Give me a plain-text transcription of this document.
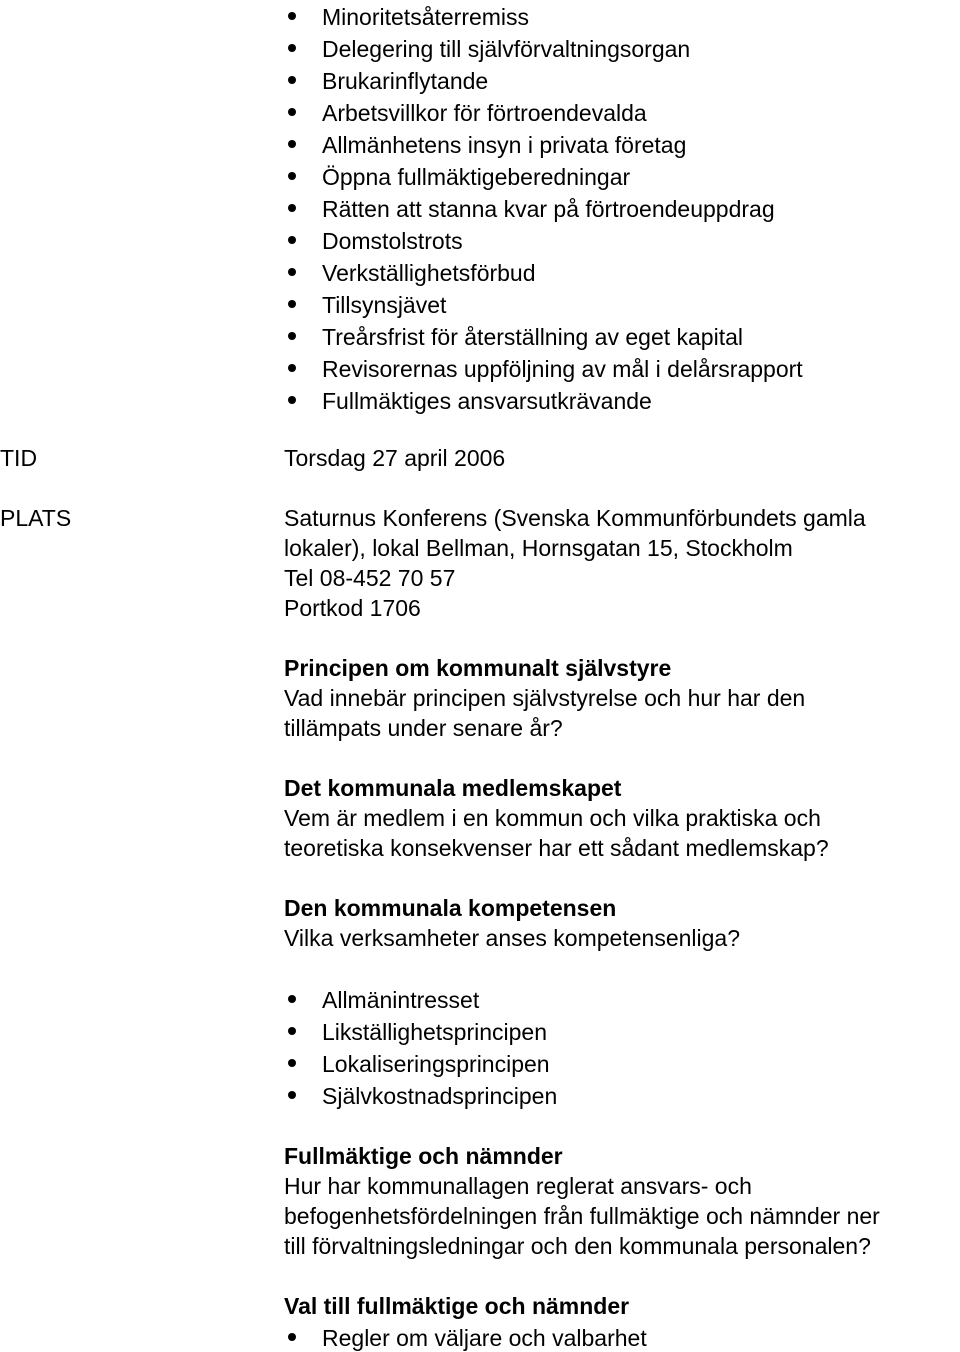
Minoritetsåterremiss
Delegering till självförvaltningsorgan
Brukarinflytande
Arbetsvillkor för förtroendevalda
Allmänhetens insyn i privata företag
Öppna fullmäktigeberedningar
Rätten att stanna kvar på förtroendeuppdrag
Domstolstrots
Verkställighetsförbud
Tillsynsjävet
Treårsfrist för återställning av eget kapital
Revisorernas uppföljning av mål i delårsrapport
Fullmäktiges ansvarsutkrävande
TID	Torsdag 27 april 2006
PLATS	Saturnus Konferens (Svenska Kommunförbundets gamla
lokaler), lokal Bellman, Hornsgatan 15, Stockholm
Tel 08-452 70 57
Portkod 1706
Principen om kommunalt självstyre
Vad innebär principen självstyrelse och hur har den
tillämpats under senare år?
Det kommunala medlemskapet
Vem är medlem i en kommun och vilka praktiska och
teoretiska konsekvenser har ett sådant medlemskap?
Den kommunala kompetensen
Vilka verksamheter anses kompetensenliga?
Allmänintresset
Likställighetsprincipen
Lokaliseringsprincipen
Självkostnadsprincipen
Fullmäktige och nämnder
Hur har kommunallagen reglerat ansvars- och
befogenhetsfördelningen från fullmäktige och nämnder ner
till förvaltningsledningar och den kommunala personalen?
Val till fullmäktige och nämnder
Regler om väljare och valbarhet
